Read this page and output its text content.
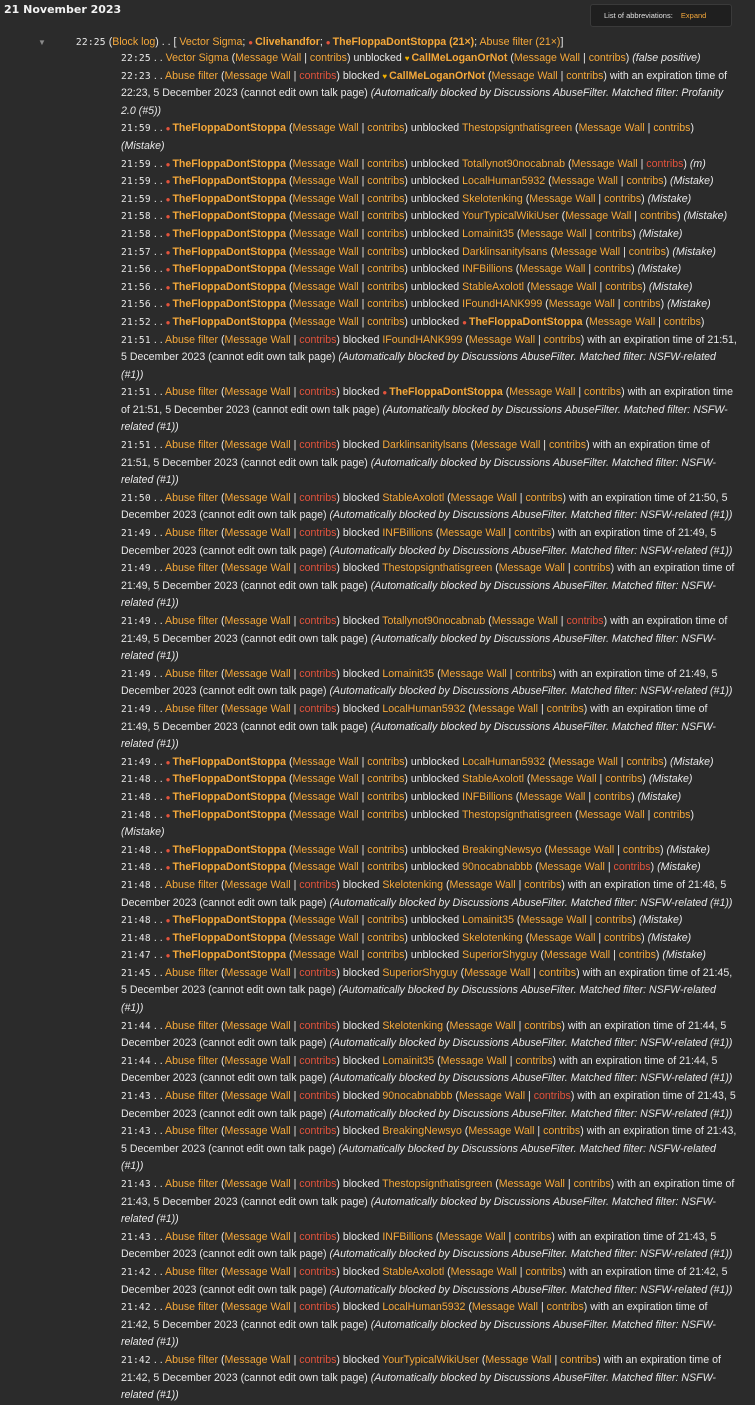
21 November 2023	List of abbreviations: Expand
▼	22:25 (Block log) . . [ Vector Sigma; ● Clivehandfor; ● TheFloppaDontStoppa (21×); Abuse filter (21×)]
22:25 . . Vector Sigma (Message Wall | contribs) unblocked ♥ CallMeLoganOrNot (Message Wall | contribs) (false positive)
22:23 . . Abuse filter (Message Wall | contribs) blocked ♥ CallMeLoganOrNot (Message Wall | contribs) with an expiration time of 22:23, 5 December 2023 (cannot edit own talk page) (Automatically blocked by Discussions AbuseFilter. Matched filter: Profanity 2.0 (#5))
21:59 . . ● TheFloppaDontStoppa (Message Wall | contribs) unblocked Thestopsignthatisgreen (Message Wall | contribs) (Mistake)
21:59 . . ● TheFloppaDontStoppa (Message Wall | contribs) unblocked Totallynot90nocabnab (Message Wall | contribs) (m)
21:59 . . ● TheFloppaDontStoppa (Message Wall | contribs) unblocked LocalHuman5932 (Message Wall | contribs) (Mistake)
21:59 . . ● TheFloppaDontStoppa (Message Wall | contribs) unblocked Skelotenking (Message Wall | contribs) (Mistake)
21:58 . . ● TheFloppaDontStoppa (Message Wall | contribs) unblocked YourTypicalWikiUser (Message Wall | contribs) (Mistake)
21:58 . . ● TheFloppaDontStoppa (Message Wall | contribs) unblocked Lomainit35 (Message Wall | contribs) (Mistake)
21:57 . . ● TheFloppaDontStoppa (Message Wall | contribs) unblocked Darklinsanitylsans (Message Wall | contribs) (Mistake)
21:56 . . ● TheFloppaDontStoppa (Message Wall | contribs) unblocked INFBillions (Message Wall | contribs) (Mistake)
21:56 . . ● TheFloppaDontStoppa (Message Wall | contribs) unblocked StableAxolotl (Message Wall | contribs) (Mistake)
21:56 . . ● TheFloppaDontStoppa (Message Wall | contribs) unblocked IFoundHANK999 (Message Wall | contribs) (Mistake)
21:52 . . ● TheFloppaDontStoppa (Message Wall | contribs) unblocked ● TheFloppaDontStoppa (Message Wall | contribs)
21:51 . . Abuse filter (Message Wall | contribs) blocked IFoundHANK999 (Message Wall | contribs) with an expiration time of 21:51, 5 December 2023 (cannot edit own talk page) (Automatically blocked by Discussions AbuseFilter. Matched filter: NSFW-related (#1))
21:51 . . Abuse filter (Message Wall | contribs) blocked ● TheFloppaDontStoppa (Message Wall | contribs) with an expiration time of 21:51, 5 December 2023 (cannot edit own talk page) (Automatically blocked by Discussions AbuseFilter. Matched filter: NSFW-related (#1))
21:51 . . Abuse filter (Message Wall | contribs) blocked Darklinsanitylsans (Message Wall | contribs) with an expiration time of 21:51, 5 December 2023 (cannot edit own talk page) (Automatically blocked by Discussions AbuseFilter. Matched filter: NSFW-related (#1))
21:50 . . Abuse filter (Message Wall | contribs) blocked StableAxolotl (Message Wall | contribs) with an expiration time of 21:50, 5 December 2023 (cannot edit own talk page) (Automatically blocked by Discussions AbuseFilter. Matched filter: NSFW-related (#1))
21:49 . . Abuse filter (Message Wall | contribs) blocked INFBillions (Message Wall | contribs) with an expiration time of 21:49, 5 December 2023 (cannot edit own talk page) (Automatically blocked by Discussions AbuseFilter. Matched filter: NSFW-related (#1))
21:49 . . Abuse filter (Message Wall | contribs) blocked Thestopsignthatisgreen (Message Wall | contribs) with an expiration time of 21:49, 5 December 2023 (cannot edit own talk page) (Automatically blocked by Discussions AbuseFilter. Matched filter: NSFW-related (#1))
21:49 . . Abuse filter (Message Wall | contribs) blocked Totallynot90nocabnab (Message Wall | contribs) with an expiration time of 21:49, 5 December 2023 (cannot edit own talk page) (Automatically blocked by Discussions AbuseFilter. Matched filter: NSFW-related (#1))
21:49 . . Abuse filter (Message Wall | contribs) blocked Lomainit35 (Message Wall | contribs) with an expiration time of 21:49, 5 December 2023 (cannot edit own talk page) (Automatically blocked by Discussions AbuseFilter. Matched filter: NSFW-related (#1))
21:49 . . Abuse filter (Message Wall | contribs) blocked LocalHuman5932 (Message Wall | contribs) with an expiration time of 21:49, 5 December 2023 (cannot edit own talk page) (Automatically blocked by Discussions AbuseFilter. Matched filter: NSFW-related (#1))
21:49 . . ● TheFloppaDontStoppa (Message Wall | contribs) unblocked LocalHuman5932 (Message Wall | contribs) (Mistake)
21:48 . . ● TheFloppaDontStoppa (Message Wall | contribs) unblocked StableAxolotl (Message Wall | contribs) (Mistake)
21:48 . . ● TheFloppaDontStoppa (Message Wall | contribs) unblocked INFBillions (Message Wall | contribs) (Mistake)
21:48 . . ● TheFloppaDontStoppa (Message Wall | contribs) unblocked Thestopsignthatisgreen (Message Wall | contribs) (Mistake)
21:48 . . ● TheFloppaDontStoppa (Message Wall | contribs) unblocked BreakingNewsyo (Message Wall | contribs) (Mistake)
21:48 . . ● TheFloppaDontStoppa (Message Wall | contribs) unblocked 90nocabnabbb (Message Wall | contribs) (Mistake)
21:48 . . Abuse filter (Message Wall | contribs) blocked Skelotenking (Message Wall | contribs) with an expiration time of 21:48, 5 December 2023 (cannot edit own talk page) (Automatically blocked by Discussions AbuseFilter. Matched filter: NSFW-related (#1))
21:48 . . ● TheFloppaDontStoppa (Message Wall | contribs) unblocked Lomainit35 (Message Wall | contribs) (Mistake)
21:48 . . ● TheFloppaDontStoppa (Message Wall | contribs) unblocked Skelotenking (Message Wall | contribs) (Mistake)
21:47 . . ● TheFloppaDontStoppa (Message Wall | contribs) unblocked SuperiorShyguy (Message Wall | contribs) (Mistake)
21:45 . . Abuse filter (Message Wall | contribs) blocked SuperiorShyguy (Message Wall | contribs) with an expiration time of 21:45, 5 December 2023 (cannot edit own talk page) (Automatically blocked by Discussions AbuseFilter. Matched filter: NSFW-related (#1))
21:44 . . Abuse filter (Message Wall | contribs) blocked Skelotenking (Message Wall | contribs) with an expiration time of 21:44, 5 December 2023 (cannot edit own talk page) (Automatically blocked by Discussions AbuseFilter. Matched filter: NSFW-related (#1))
21:44 . . Abuse filter (Message Wall | contribs) blocked Lomainit35 (Message Wall | contribs) with an expiration time of 21:44, 5 December 2023 (cannot edit own talk page) (Automatically blocked by Discussions AbuseFilter. Matched filter: NSFW-related (#1))
21:43 . . Abuse filter (Message Wall | contribs) blocked 90nocabnabbb (Message Wall | contribs) with an expiration time of 21:43, 5 December 2023 (cannot edit own talk page) (Automatically blocked by Discussions AbuseFilter. Matched filter: NSFW-related (#1))
21:43 . . Abuse filter (Message Wall | contribs) blocked BreakingNewsyo (Message Wall | contribs) with an expiration time of 21:43, 5 December 2023 (cannot edit own talk page) (Automatically blocked by Discussions AbuseFilter. Matched filter: NSFW-related (#1))
21:43 . . Abuse filter (Message Wall | contribs) blocked Thestopsignthatisgreen (Message Wall | contribs) with an expiration time of 21:43, 5 December 2023 (cannot edit own talk page) (Automatically blocked by Discussions AbuseFilter. Matched filter: NSFW-related (#1))
21:43 . . Abuse filter (Message Wall | contribs) blocked INFBillions (Message Wall | contribs) with an expiration time of 21:43, 5 December 2023 (cannot edit own talk page) (Automatically blocked by Discussions AbuseFilter. Matched filter: NSFW-related (#1))
21:42 . . Abuse filter (Message Wall | contribs) blocked StableAxolotl (Message Wall | contribs) with an expiration time of 21:42, 5 December 2023 (cannot edit own talk page) (Automatically blocked by Discussions AbuseFilter. Matched filter: NSFW-related (#1))
21:42 . . Abuse filter (Message Wall | contribs) blocked LocalHuman5932 (Message Wall | contribs) with an expiration time of 21:42, 5 December 2023 (cannot edit own talk page) (Automatically blocked by Discussions AbuseFilter. Matched filter: NSFW-related (#1))
21:42 . . Abuse filter (Message Wall | contribs) blocked YourTypicalWikiUser (Message Wall | contribs) with an expiration time of 21:42, 5 December 2023 (cannot edit own talk page) (Automatically blocked by Discussions AbuseFilter. Matched filter: NSFW-related (#1))
